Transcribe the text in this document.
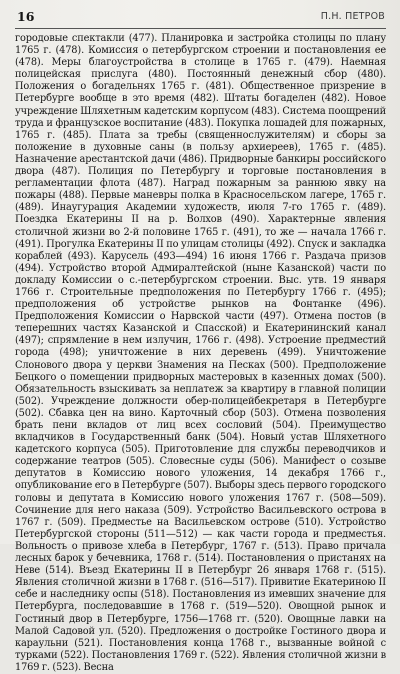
16	П.Н. ПЕТРОВ

городовые спектакли (477). Планировка и застройка столицы по плану 1765 г. (478). Комиссия о петербургском строении и постановления ее (478). Меры благоустройства в столице в 1765 г. (479). Наемная полицейская прислуга (480). Постоянный денежный сбор (480). Положения о богадельнях 1765 г. (481). Общественное призрение в Петербурге вообще в это время (482). Штаты богаделен (482). Новое учреждение Шляхетным кадетским корпусом (483). Система поощрений труда и французское воспитание (483). Покупка лошадей для пожарных, 1765 г. (485). Плата за требы (священнослужителям) и сборы за положение в духовные саны (в пользу архиереев), 1765 г. (485). Назначение арестантской дачи (486). Придворные банкиры российского двора (487). Полиция по Петербургу и торговые постановления в регламентации флота (487). Наград пожарным за раннюю явку на пожары (488). Первые маневры полка в Красносельском лагере, 1765 г. (489). Инаугурация Академии художеств, июля 7-го 1765 г. (489). Поездка Екатерины II на р. Волхов (490). Характерные явления столичной жизни во 2-й половине 1765 г. (491), то же — начала 1766 г. (491). Прогулка Екатерины II по улицам столицы (492). Спуск и закладка кораблей (493). Карусель (493—494) 16 июня 1766 г. Раздача призов (494). Устройство второй Адмиралтейской (ныне Казанской) части по докладу Комиссии о с.-петербургском строении. Выс. утв. 19 января 1766 г. Строительные предположения по Петербургу 1766 г. (495); предположения об устройстве рынков на Фонтанке (496). Предположения Комиссии о Нарвской части (497). Отмена постов (в теперешних частях Казанской и Спасской) и Екатерининский канал (497); спрямление в нем излучин, 1766 г. (498). Устроение предместий города (498); уничтожение в них деревень (499). Уничтожение Слонового двора у церкви Знамения на Песках (500). Предположение Бецкого о помещении придворных мастеровых в казенных домах (500). Обязательность взыскивать за неплатеж за квартиру в главной полиции (502). Учреждение должности обер-полицейбекретаря в Петербурге (502). Сбавка цен на вино. Карточный сбор (503). Отмена позволения брать пени вкладов от лиц всех сословий (504). Преимущество вкладчиков в Государственный банк (504). Новый устав Шляхетного кадетского корпуса (505). Приготовление для службы переводчиков и содержание театров (505). Словесные суды (506). Манифест о созыве депутатов в Комиссию нового уложения, 14 декабря 1766 г., опубликование его в Петербурге (507). Выборы здесь первого городского головы и депутата в Комиссию нового уложения 1767 г. (508—509). Сочинение для него наказа (509). Устройство Васильевского острова в 1767 г. (509). Предместье на Васильевском острове (510). Устройство Петербургской стороны (511—512) — как части города и предместья. Вольность о привозе хлеба в Петербург, 1767 г. (513). Право причала лесных барок у бечевника, 1768 г. (514). Постановления о пристанях на Неве (514). Въезд Екатерины II в Петербург 26 января 1768 г. (515). Явления столичной жизни в 1768 г. (516—517). Привитие Екатериною II себе и наследнику оспы (518). Постановления из имевших значение для Петербурга, последовавшие в 1768 г. (519—520). Овощной рынок и Гостиный двор в Петербурге, 1756—1768 гг. (520). Овощные лавки на Малой Садовой ул. (520). Предложения о достройке Гостиного двора и караульни (521). Постановления конца 1768 г., вызванные войной с турками (522). Постановления 1769 г. (522). Явления столичной жизни в 1769 г. (523). Весна
